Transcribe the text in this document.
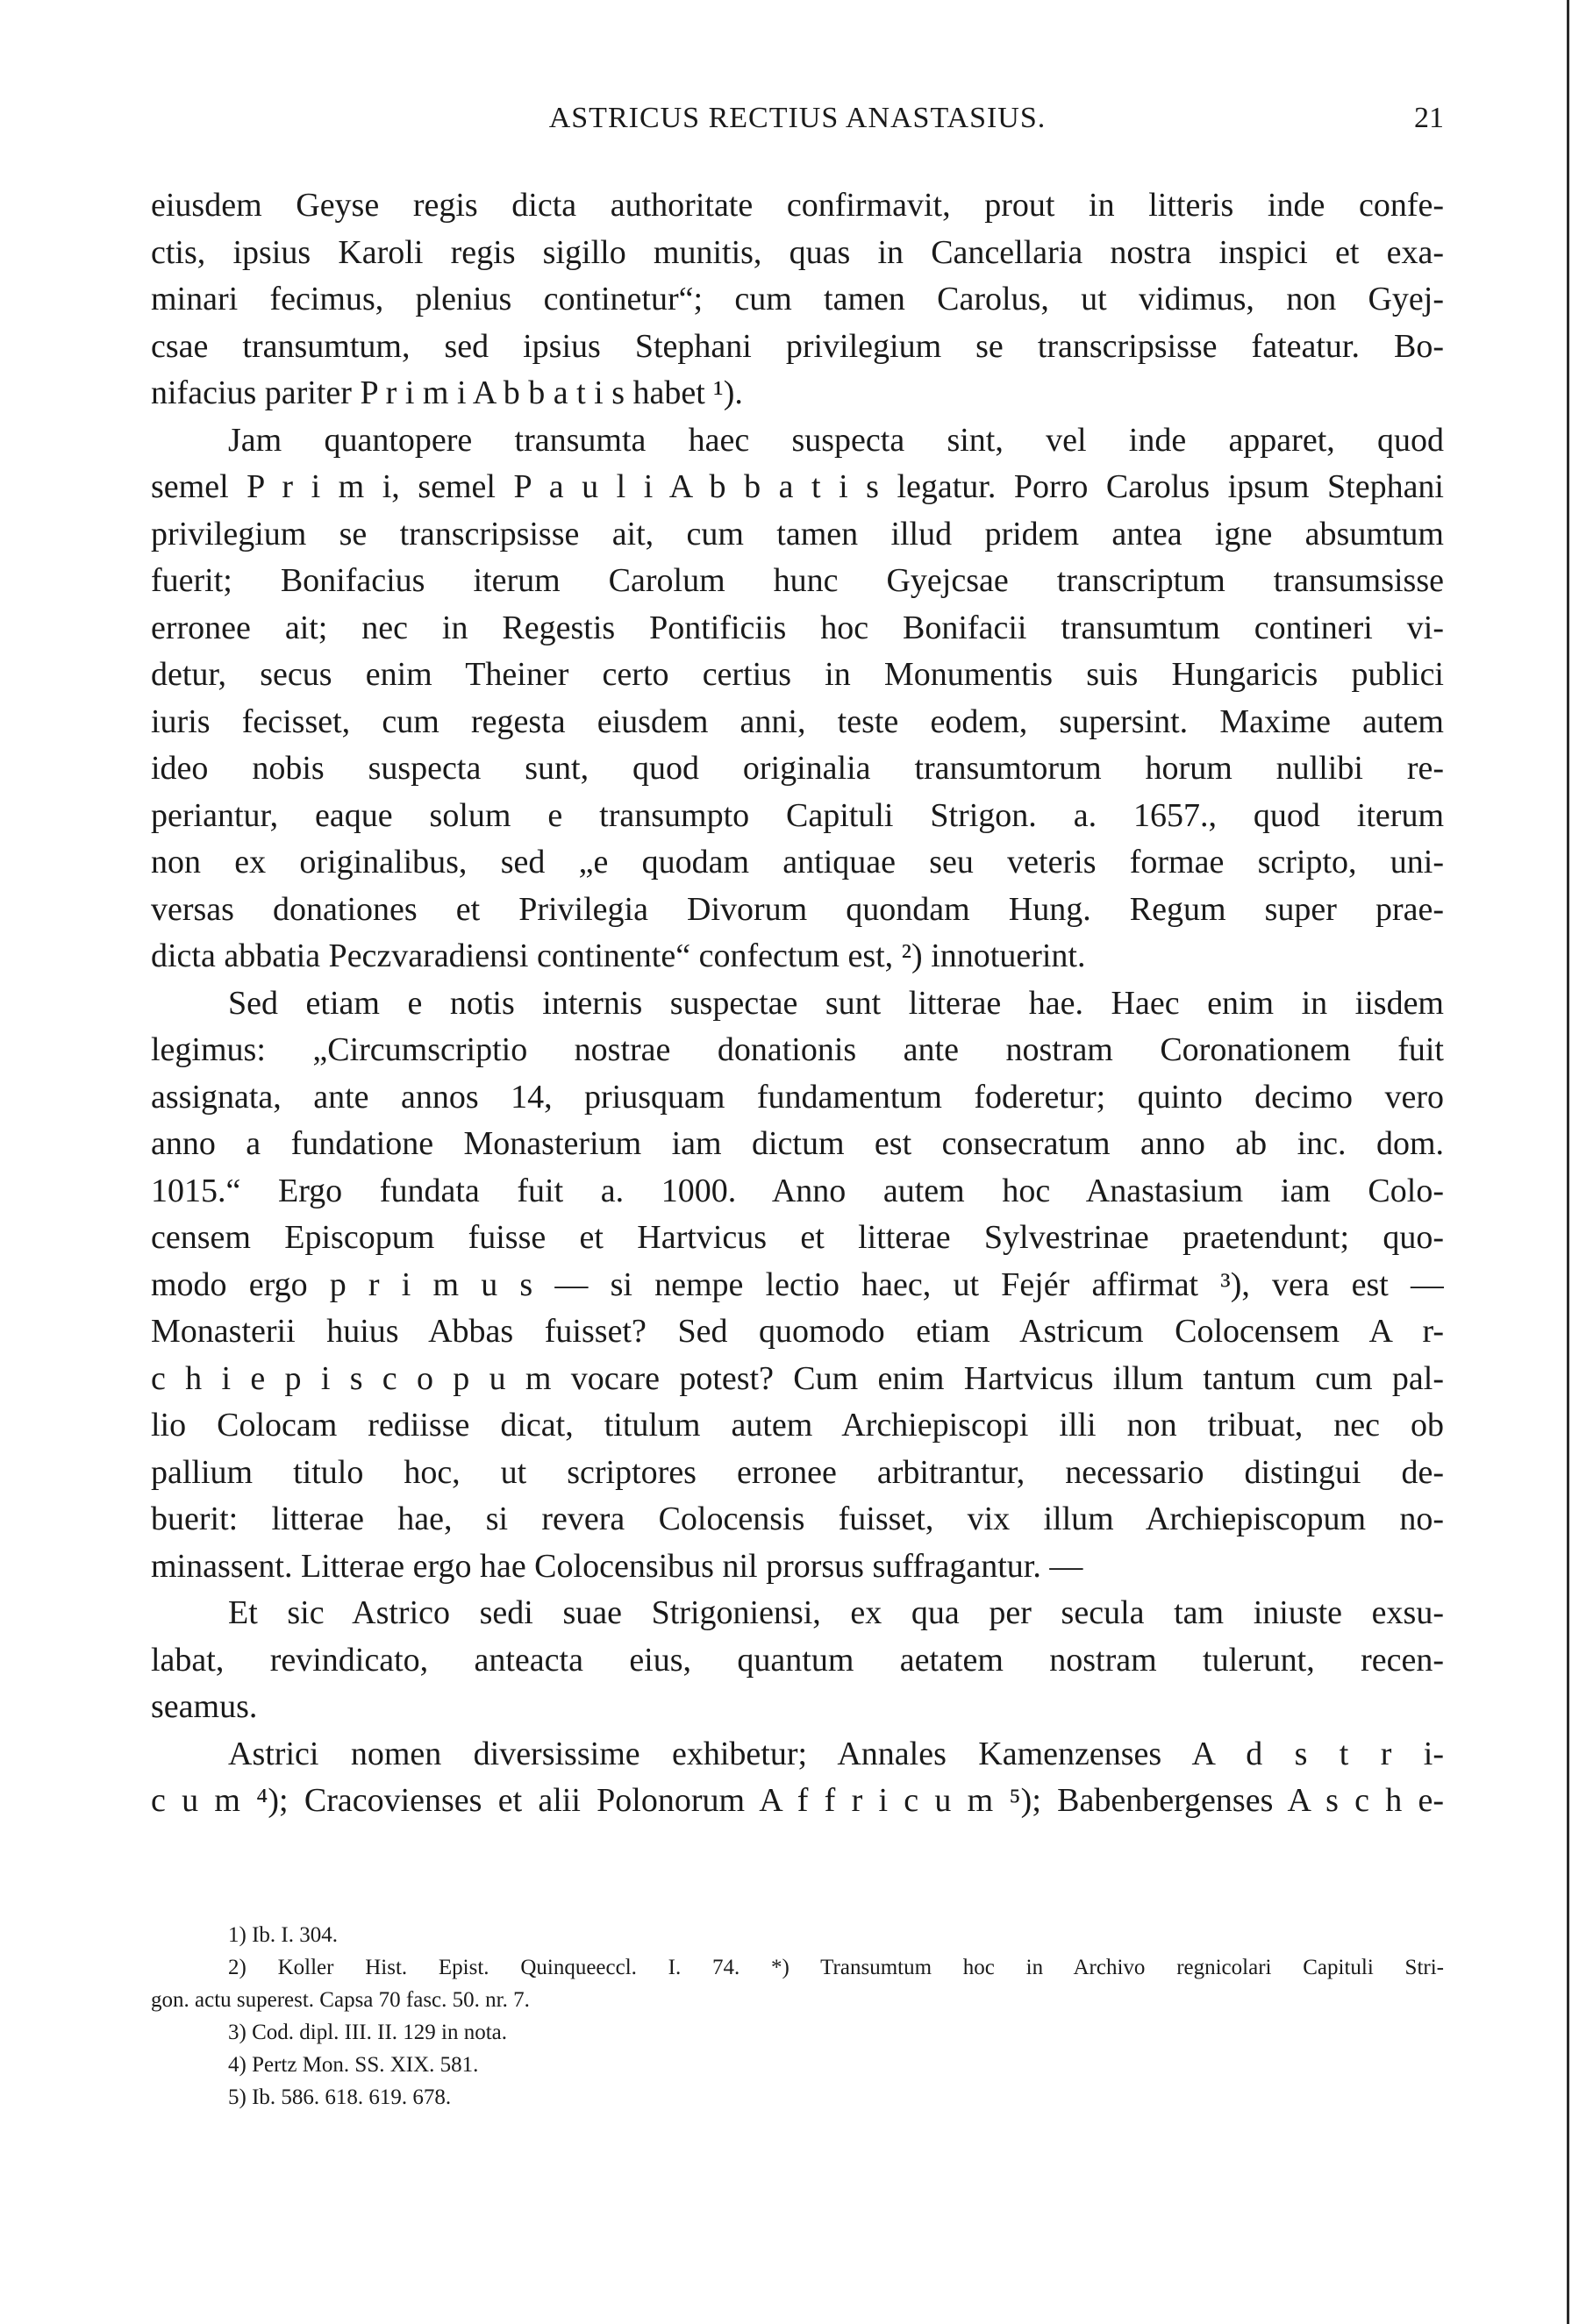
ASTRICUS RECTIUS ANASTASIUS.	21
eiusdem Geyse regis dicta authoritate confirmavit, prout in litteris inde confe-
ctis, ipsius Karoli regis sigillo munitis, quas in Cancellaria nostra inspici et exa-
minari fecimus, plenius continetur“; cum tamen Carolus, ut vidimus, non Gyej-
csae transumtum, sed ipsius Stephani privilegium se transcripsisse fateatur. Bo-
nifacius pariter P r i m i A b b a t i s habet ¹).
Jam quantopere transumta haec suspecta sint, vel inde apparet, quod
semel P r i m i, semel P a u l i A b b a t i s legatur. Porro Carolus ipsum Stephani
privilegium se transcripsisse ait, cum tamen illud pridem antea igne absumtum
fuerit; Bonifacius iterum Carolum hunc Gyejcsae transcriptum transumsisse
erronee ait; nec in Regestis Pontificiis hoc Bonifacii transumtum contineri vi-
detur, secus enim Theiner certo certius in Monumentis suis Hungaricis publici
iuris fecisset, cum regesta eiusdem anni, teste eodem, supersint. Maxime autem
ideo nobis suspecta sunt, quod originalia transumtorum horum nullibi re-
periantur, eaque solum e transumpto Capituli Strigon. a. 1657., quod iterum
non ex originalibus, sed „e quodam antiquae seu veteris formae scripto, uni-
versas donationes et Privilegia Divorum quondam Hung. Regum super prae-
dicta abbatia Peczvaradiensi continente“ confectum est, ²) innotuerint.
Sed etiam e notis internis suspectae sunt litterae hae. Haec enim in iisdem
legimus: „Circumscriptio nostrae donationis ante nostram Coronationem fuit
assignata, ante annos 14, priusquam fundamentum foderetur; quinto decimo vero
anno a fundatione Monasterium iam dictum est consecratum anno ab inc. dom.
1015.“ Ergo fundata fuit a. 1000. Anno autem hoc Anastasium iam Colo-
censem Episcopum fuisse et Hartvicus et litterae Sylvestrinae praetendunt; quo-
modo ergo p r i m u s — si nempe lectio haec, ut Fejér affirmat ³), vera est —
Monasterii huius Abbas fuisset? Sed quomodo etiam Astricum Colocensem A r-
c h i e p i s c o p u m vocare potest? Cum enim Hartvicus illum tantum cum pal-
lio Colocam rediisse dicat, titulum autem Archiepiscopi illi non tribuat, nec ob
pallium titulo hoc, ut scriptores erronee arbitrantur, necessario distingui de-
buerit: litterae hae, si revera Colocensis fuisset, vix illum Archiepiscopum no-
minassent. Litterae ergo hae Colocensibus nil prorsus suffragantur. —
Et sic Astrico sedi suae Strigoniensi, ex qua per secula tam iniuste exsu-
labat, revindicato, anteacta eius, quantum aetatem nostram tulerunt, recen-
seamus.
Astrici nomen diversissime exhibetur; Annales Kamenzenses A d s t r i-
c u m ⁴); Cracovienses et alii Polonorum A f f r i c u m ⁵); Babenbergenses A s c h e-
1) Ib. I. 304.
2) Koller Hist. Epist. Quinqueeccl. I. 74. *) Transumtum hoc in Archivo regnicolari Capituli Stri-
gon. actu superest. Capsa 70 fasc. 50. nr. 7.
3) Cod. dipl. III. II. 129 in nota.
4) Pertz Mon. SS. XIX. 581.
5) Ib. 586. 618. 619. 678.
